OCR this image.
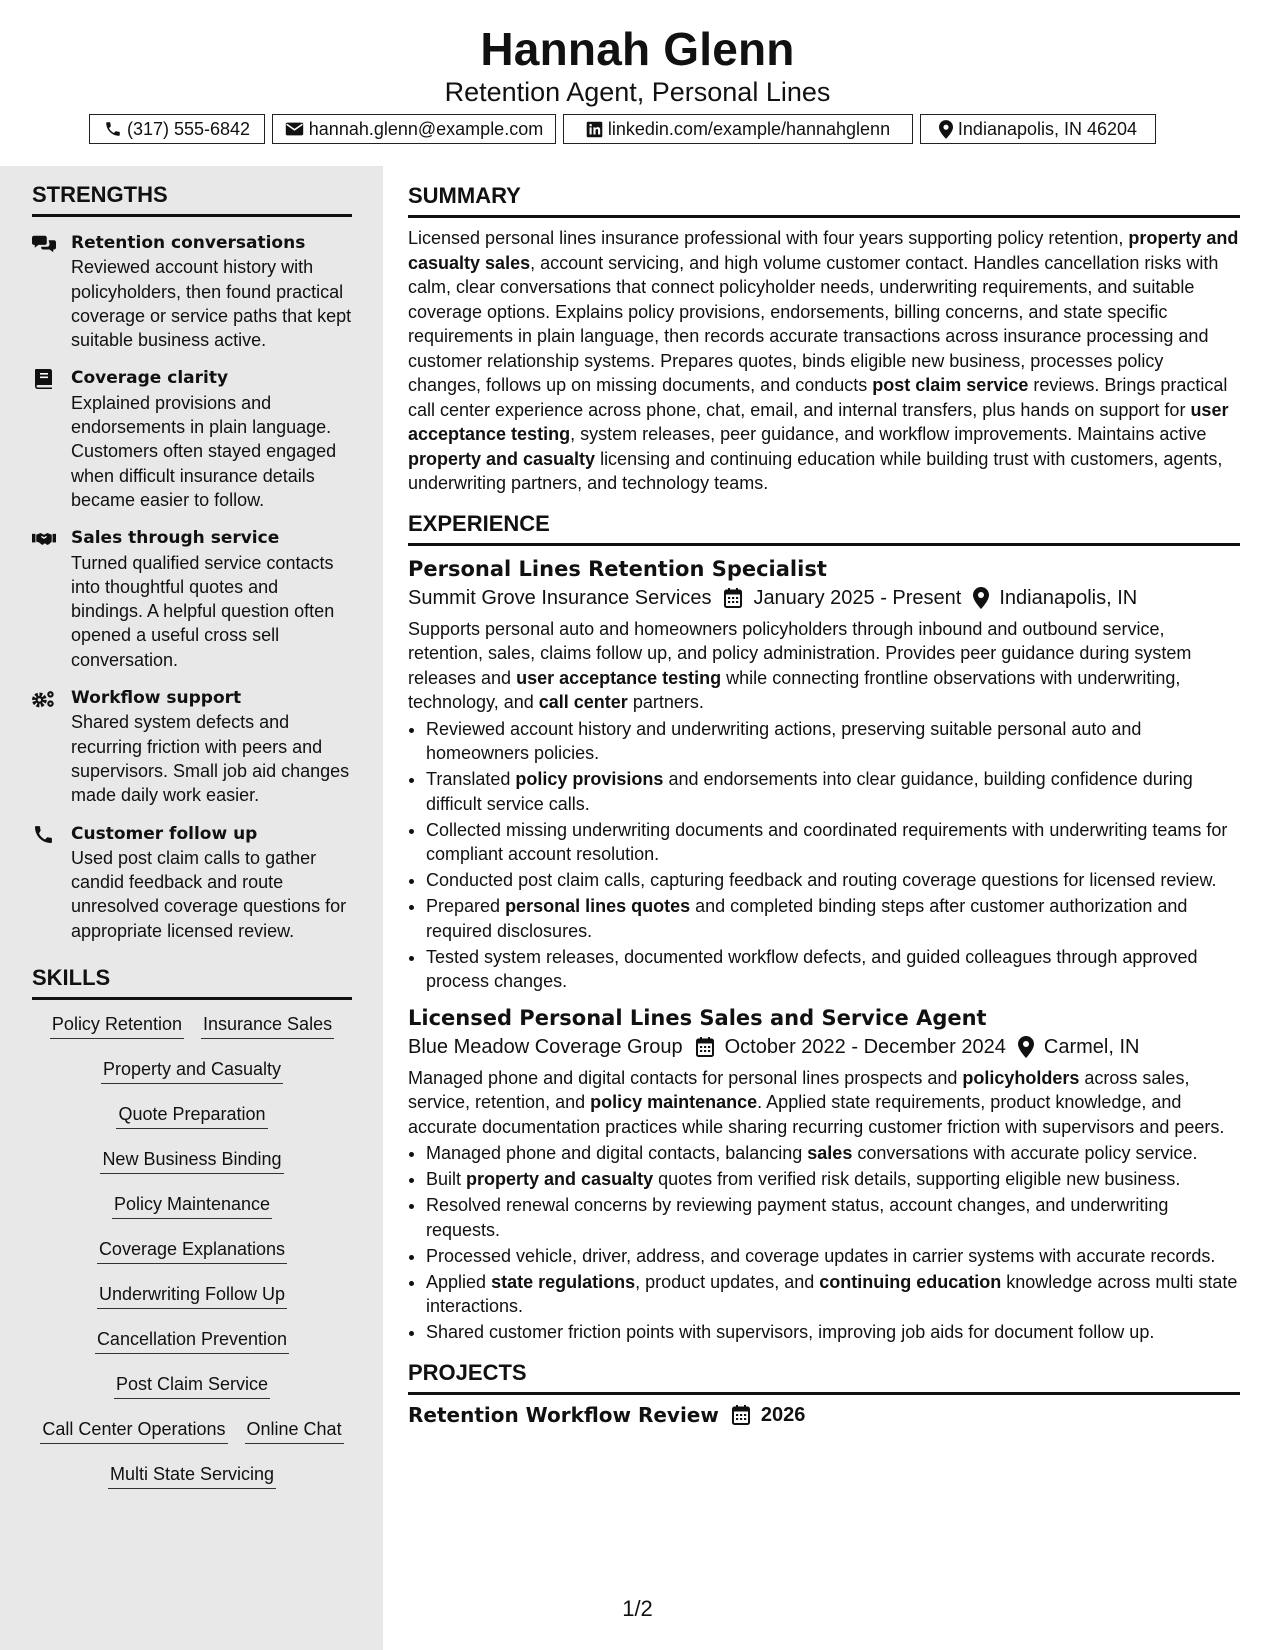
Hannah Glenn
Retention Agent, Personal Lines
(317) 555-6842	hannah.glenn@example.com	linkedin.com/example/hannahglenn	Indianapolis, IN 46204
STRENGTHS
Retention conversations
Reviewed account history with policyholders, then found practical coverage or service paths that kept suitable business active.
Coverage clarity
Explained provisions and endorsements in plain language. Customers often stayed engaged when difficult insurance details became easier to follow.
Sales through service
Turned qualified service contacts into thoughtful quotes and bindings. A helpful question often opened a useful cross sell conversation.
Workflow support
Shared system defects and recurring friction with peers and supervisors. Small job aid changes made daily work easier.
Customer follow up
Used post claim calls to gather candid feedback and route unresolved coverage questions for appropriate licensed review.
SKILLS
Policy Retention Insurance Sales
Property and Casualty
Quote Preparation
New Business Binding
Policy Maintenance
Coverage Explanations
Underwriting Follow Up
Cancellation Prevention
Post Claim Service
Call Center Operations Online Chat
Multi State Servicing
SUMMARY
Licensed personal lines insurance professional with four years supporting policy retention, property and casualty sales, account servicing, and high volume customer contact. Handles cancellation risks with calm, clear conversations that connect policyholder needs, underwriting requirements, and suitable coverage options. Explains policy provisions, endorsements, billing concerns, and state specific requirements in plain language, then records accurate transactions across insurance processing and customer relationship systems. Prepares quotes, binds eligible new business, processes policy changes, follows up on missing documents, and conducts post claim service reviews. Brings practical call center experience across phone, chat, email, and internal transfers, plus hands on support for user acceptance testing, system releases, peer guidance, and workflow improvements. Maintains active property and casualty licensing and continuing education while building trust with customers, agents, underwriting partners, and technology teams.
EXPERIENCE
Personal Lines Retention Specialist
Summit Grove Insurance Services January 2025 - Present Indianapolis, IN
Supports personal auto and homeowners policyholders through inbound and outbound service, retention, sales, claims follow up, and policy administration. Provides peer guidance during system releases and user acceptance testing while connecting frontline observations with underwriting, technology, and call center partners.
• Reviewed account history and underwriting actions, preserving suitable personal auto and homeowners policies.
• Translated policy provisions and endorsements into clear guidance, building confidence during difficult service calls.
• Collected missing underwriting documents and coordinated requirements with underwriting teams for compliant account resolution.
• Conducted post claim calls, capturing feedback and routing coverage questions for licensed review.
• Prepared personal lines quotes and completed binding steps after customer authorization and required disclosures.
• Tested system releases, documented workflow defects, and guided colleagues through approved process changes.
Licensed Personal Lines Sales and Service Agent
Blue Meadow Coverage Group October 2022 - December 2024 Carmel, IN
Managed phone and digital contacts for personal lines prospects and policyholders across sales, service, retention, and policy maintenance. Applied state requirements, product knowledge, and accurate documentation practices while sharing recurring customer friction with supervisors and peers.
• Managed phone and digital contacts, balancing sales conversations with accurate policy service.
• Built property and casualty quotes from verified risk details, supporting eligible new business.
• Resolved renewal concerns by reviewing payment status, account changes, and underwriting requests.
• Processed vehicle, driver, address, and coverage updates in carrier systems with accurate records.
• Applied state regulations, product updates, and continuing education knowledge across multi state interactions.
• Shared customer friction points with supervisors, improving job aids for document follow up.
PROJECTS
Retention Workflow Review 2026
1/2
